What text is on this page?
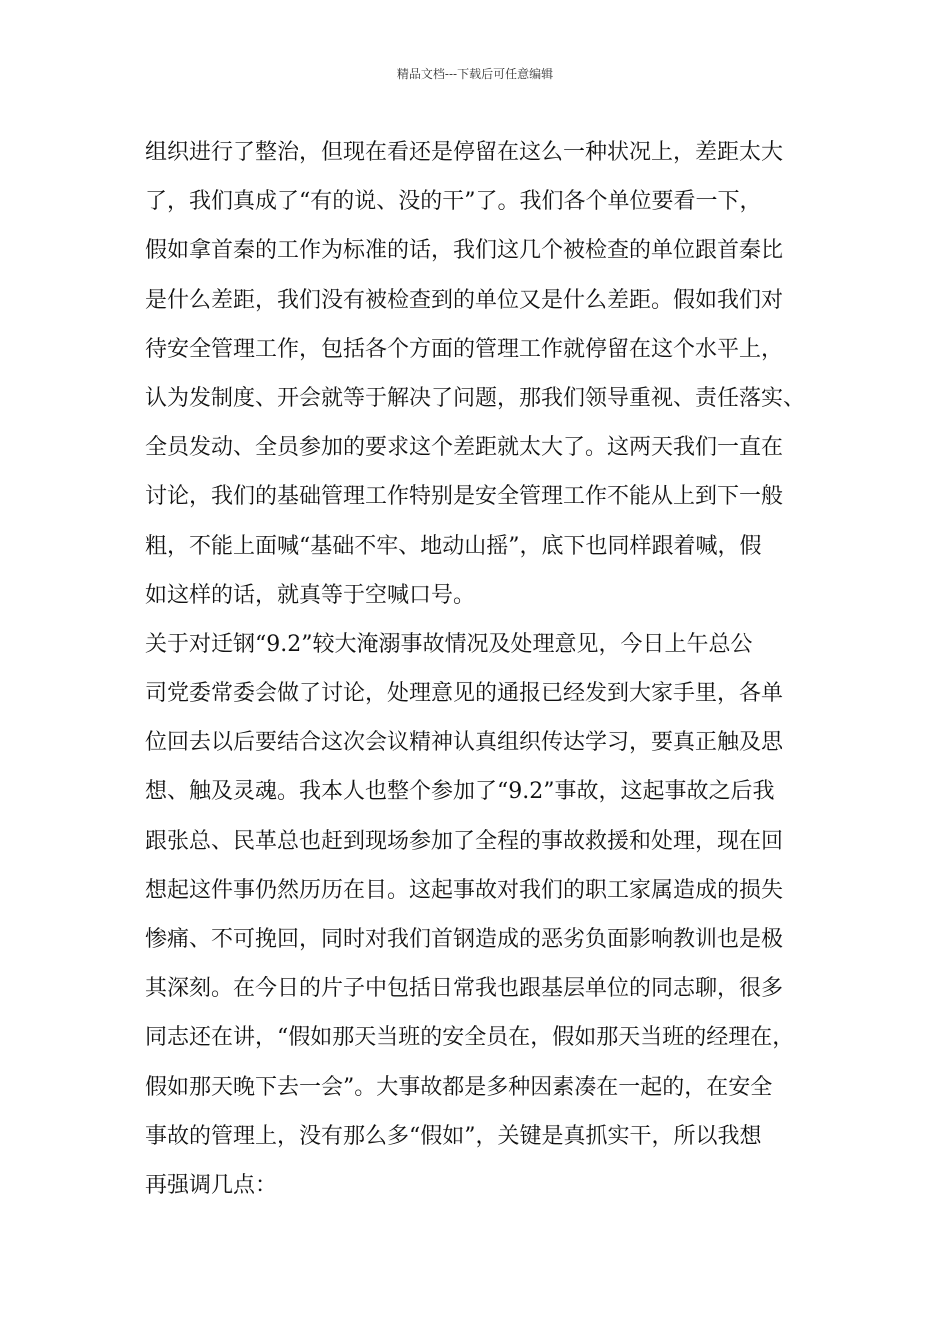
精品文档---下载后可任意编辑
组织进行了整治，但现在看还是停留在这么一种状况上，差距太大
了，我们真成了“有的说、没的干”了。我们各个单位要看一下，
假如拿首秦的工作为标准的话，我们这几个被检查的单位跟首秦比
是什么差距，我们没有被检查到的单位又是什么差距。假如我们对
待安全管理工作，包括各个方面的管理工作就停留在这个水平上，
认为发制度、开会就等于解决了问题，那我们领导重视、责任落实、
全员发动、全员参加的要求这个差距就太大了。这两天我们一直在
讨论，我们的基础管理工作特别是安全管理工作不能从上到下一般
粗，不能上面喊“基础不牢、地动山摇”，底下也同样跟着喊，假
如这样的话，就真等于空喊口号。
关于对迁钢“9.2”较大淹溺事故情况及处理意见，今日上午总公
司党委常委会做了讨论，处理意见的通报已经发到大家手里，各单
位回去以后要结合这次会议精神认真组织传达学习，要真正触及思
想、触及灵魂。我本人也整个参加了“9.2”事故，这起事故之后我
跟张总、民革总也赶到现场参加了全程的事故救援和处理，现在回
想起这件事仍然历历在目。这起事故对我们的职工家属造成的损失
惨痛、不可挽回，同时对我们首钢造成的恶劣负面影响教训也是极
其深刻。在今日的片子中包括日常我也跟基层单位的同志聊，很多
同志还在讲，“假如那天当班的安全员在，假如那天当班的经理在，
假如那天晚下去一会”。大事故都是多种因素凑在一起的，在安全
事故的管理上，没有那么多“假如”，关键是真抓实干，所以我想
再强调几点：
